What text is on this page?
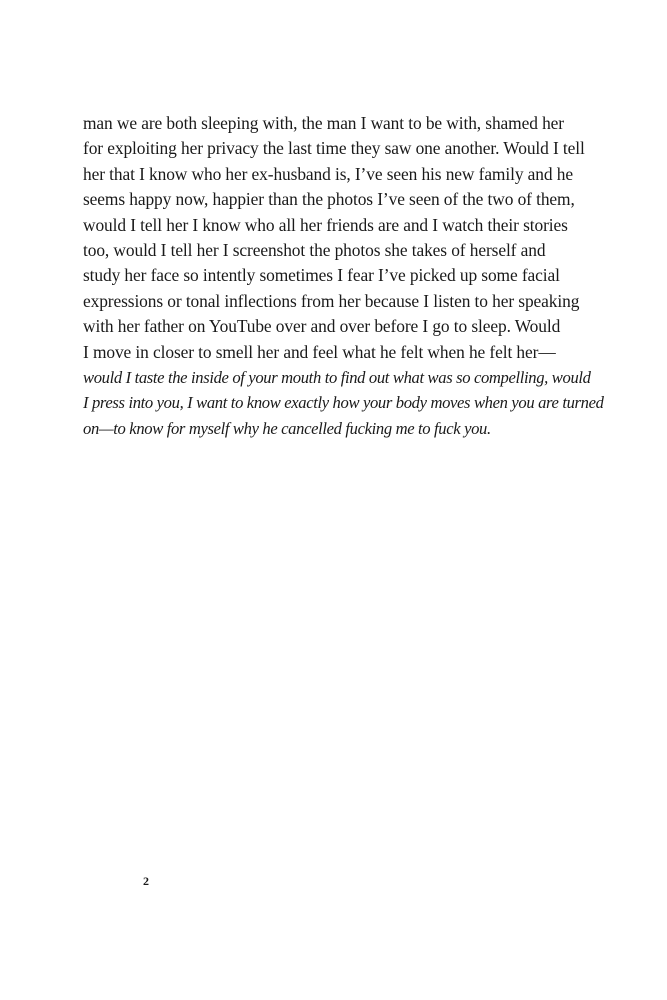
man we are both sleeping with, the man I want to be with, shamed her
for exploiting her privacy the last time they saw one another. Would I tell
her that I know who her ex-husband is, I’ve seen his new family and he
seems happy now, happier than the photos I’ve seen of the two of them,
would I tell her I know who all her friends are and I watch their stories
too, would I tell her I screenshot the photos she takes of herself and
study her face so intently sometimes I fear I’ve picked up some facial
expressions or tonal inflections from her because I listen to her speaking
with her father on YouTube over and over before I go to sleep. Would
I move in closer to smell her and feel what he felt when he felt her—
would I taste the inside of your mouth to find out what was so compelling, would
I press into you, I want to know exactly how your body moves when you are turned
on—to know for myself why he cancelled fucking me to fuck you.
2
